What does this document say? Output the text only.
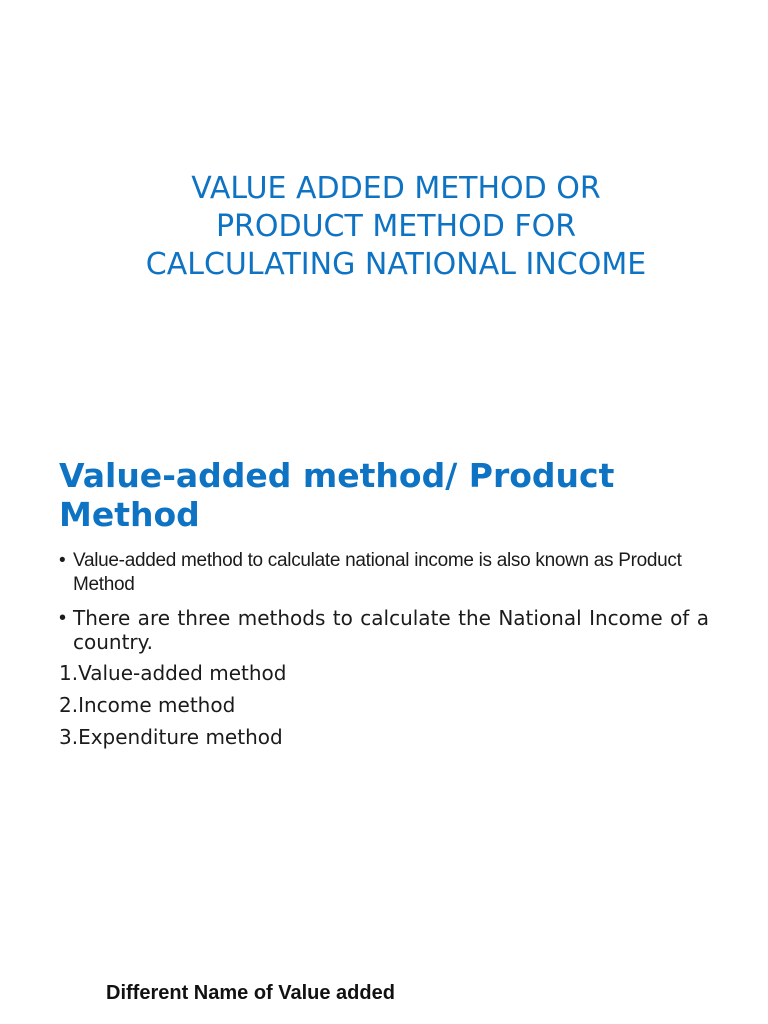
VALUE ADDED METHOD OR PRODUCT METHOD FOR CALCULATING NATIONAL INCOME
Value-added method/ Product Method
• Value-added method to calculate national income is also known as Product Method
• There are three methods to calculate the National Income of a country.
1.Value-added method
2.Income method
3.Expenditure method
Different Name of Value added
